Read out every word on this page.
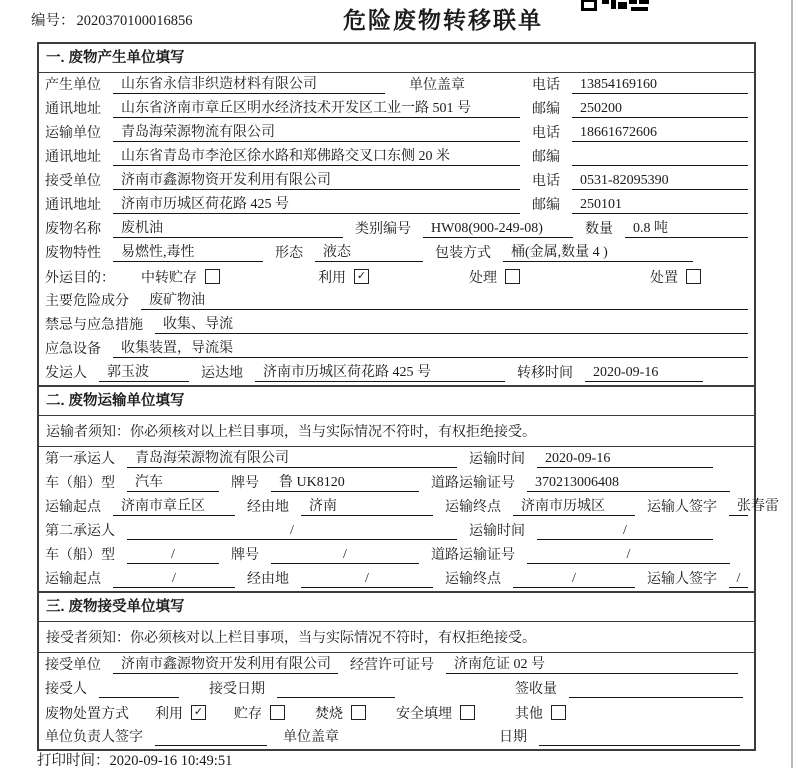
编号： 2020370100016856	危险废物转移联单
一. 废物产生单位填写
产生单位	山东省永信非织造材料有限公司	单位盖章	电话	13854169160
通讯地址	山东省济南市章丘区明水经济技术开发区工业一路 501 号	邮编	250200
运输单位	青岛海荣源物流有限公司	电话	18661672606
通讯地址	山东省青岛市李沧区徐水路和郑佛路交叉口东侧 20 米	邮编
接受单位	济南市鑫源物资开发利用有限公司	电话	0531-82095390
通讯地址	济南市历城区荷花路 425 号	邮编	250101
废物名称	废机油	类别编号	HW08(900-249-08)	数量	0.8 吨
废物特性	易燃性,毒性	形态	液态	包装方式	桶(金属,数量 4 )
外运目的： 中转贮存	利用 ✓	处理	处置
主要危险成分	废矿物油
禁忌与应急措施	收集、导流
应急设备	收集装置，导流渠
发运人	郭玉波	运达地	济南市历城区荷花路 425 号	转移时间	2020-09-16
二. 废物运输单位填写
运输者须知：你必须核对以上栏目事项，当与实际情况不符时，有权拒绝接受。
第一承运人	青岛海荣源物流有限公司	运输时间	2020-09-16
车（船）型	汽车	牌号	鲁 UK8120	道路运输证号	370213006408
运输起点	济南市章丘区	经由地	济南	运输终点	济南市历城区	运输人签字	张春雷
第二承运人	/	运输时间	/
车（船）型	/	牌号	/	道路运输证号	/
运输起点	/	经由地	/	运输终点	/	运输人签字	/
三. 废物接受单位填写
接受者须知：你必须核对以上栏目事项，当与实际情况不符时，有权拒绝接受。
接受单位	济南市鑫源物资开发利用有限公司	经营许可证号	济南危证 02 号
接受人	接受日期	签收量
废物处置方式 利用 ✓ 贮存	焚烧	安全填埋	其他
单位负责人签字	单位盖章	日期
打印时间：2020-09-16 10:49:51
